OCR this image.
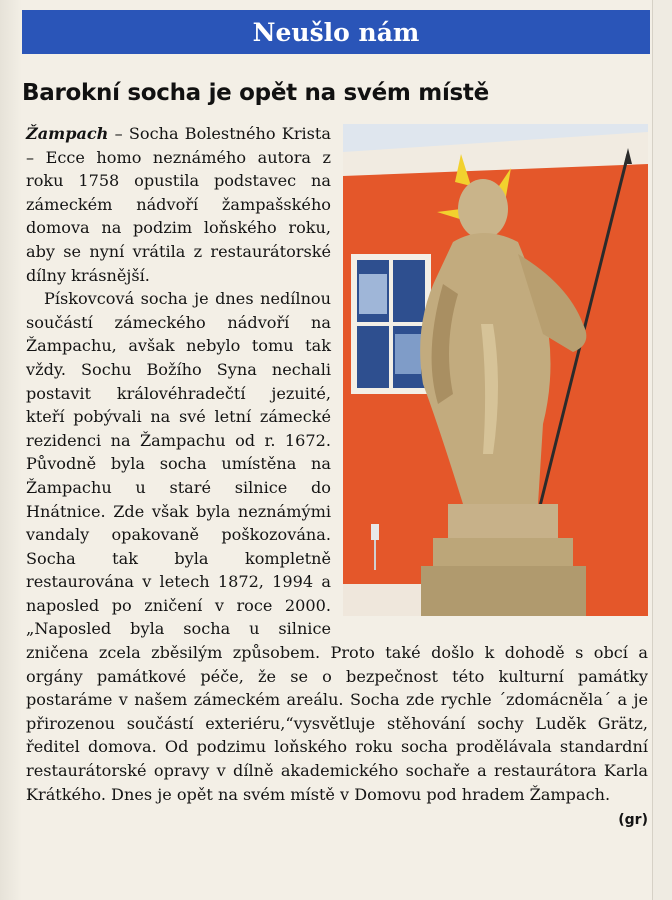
Neušlo nám
Barokní socha je opět na svém místě

Žampach – Socha Bolestného Krista – Ecce homo neznámého autora z roku 1758 opustila podstavec na zámeckém nádvoří žampašského domova na podzim loňského roku, aby se nyní vrátila z restaurátorské dílny krásnější.

Pískovcová socha je dnes nedílnou součástí zámeckého nádvoří na Žampachu, avšak nebylo tomu tak vždy. Sochu Božího Syna nechali postavit královéhradečtí jezuité, kteří pobývali na své letní zámecké rezidenci na Žampachu od r. 1672. Původně byla socha umístěna na Žampachu u staré silnice do Hnátnice. Zde však byla neznámými vandaly opakovaně poškozována. Socha tak byla kompletně restaurována v letech 1872, 1994 a naposled po zničení v roce 2000. „Naposled byla socha u silnice zničena zcela zběsilým způsobem. Proto také došlo k dohodě s obcí a orgány památkové péče, že se o bezpečnost této kulturní památky postaráme v našem zámeckém areálu. Socha zde rychle ´zdomácněla´ a je přirozenou součástí exteriéru,“vysvětluje stěhování sochy Luděk Grätz, ředitel domova. Od podzimu loňského roku socha prodělávala standardní restaurátorské opravy v dílně akademického sochaře a restaurátora Karla Krátkého. Dnes je opět na svém místě v Domovu pod hradem Žampach.
(gr)
